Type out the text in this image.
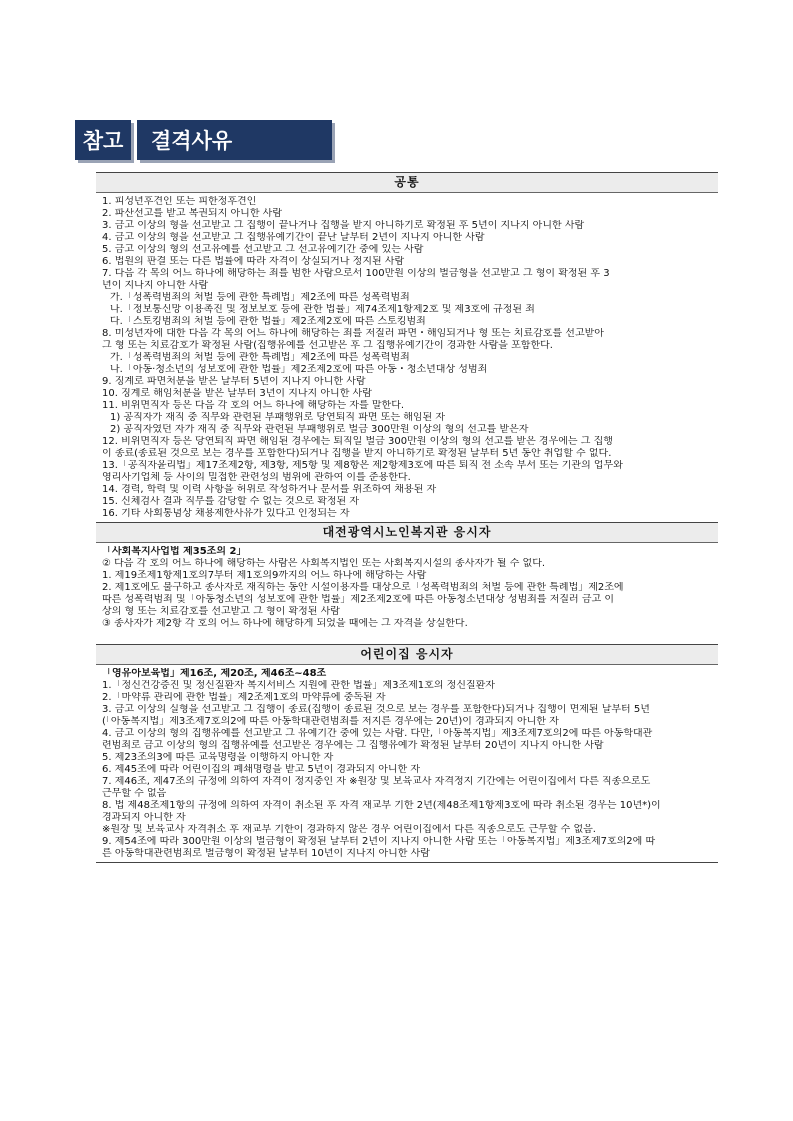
참고	결격사유
공통
1. 피성년후견인 또는 피한정후견인
2. 파산선고를 받고 복권되지 아니한 사람
3. 금고 이상의 형을 선고받고 그 집행이 끝나거나 집행을 받지 아니하기로 확정된 후 5년이 지나지 아니한 사람
4. 금고 이상의 형을 선고받고 그 집행유예기간이 끝난 날부터 2년이 지나지 아니한 사람
5. 금고 이상의 형의 선고유예를 선고받고 그 선고유예기간 중에 있는 사람
6. 법원의 판결 또는 다른 법률에 따라 자격이 상실되거나 정지된 사람
7. 다음 각 목의 어느 하나에 해당하는 죄를 범한 사람으로서 100만원 이상의 벌금형을 선고받고 그 형이 확정된 후 3
년이 지나지 아니한 사람
가.「성폭력범죄의 처벌 등에 관한 특례법」제2조에 따른 성폭력범죄
나.「정보통신망 이용촉진 및 정보보호 등에 관한 법률」제74조제1항제2호 및 제3호에 규정된 죄
다.「스토킹범죄의 처벌 등에 관한 법률」제2조제2호에 따른 스토킹범죄
8. 미성년자에 대한 다음 각 목의 어느 하나에 해당하는 죄를 저질러 파면・해임되거나 형 또는 치료감호를 선고받아
그 형 또는 치료감호가 확정된 사람(집행유예를 선고받은 후 그 집행유예기간이 경과한 사람을 포함한다.
가.「성폭력범죄의 처벌 등에 관한 특례법」제2조에 따른 성폭력범죄
나.「아동·청소년의 성보호에 관한 법률」제2조제2호에 따른 아동・청소년대상 성범죄
9. 징계로 파면처분을 받은 날부터 5년이 지나지 아니한 사람
10. 징계로 해임처분을 받은 날부터 3년이 지나지 아니한 사람
11. 비위면직자 등은 다음 각 호의 어느 하나에 해당하는 자를 말한다.
1) 공직자가 재직 중 직무와 관련된 부패행위로 당연퇴직 파면 또는 해임된 자
2) 공직자였던 자가 재직 중 직무와 관련된 부패행위로 벌금 300만원 이상의 형의 선고를 받은자
12. 비위면직자 등은 당연퇴직 파면 해임된 경우에는 퇴직일 벌금 300만원 이상의 형의 선고를 받은 경우에는 그 집행
이 종료(종료된 것으로 보는 경우를 포함한다)되거나 집행을 받지 아니하기로 확정된 날부터 5년 동안 취업할 수 없다.
13.「공직자윤리법」제17조제2항, 제3항, 제5항 및 제8항은 제2항제3호에 따른 퇴직 전 소속 부서 또는 기관의 업무와
영리사기업체 등 사이의 밀접한 관련성의 범위에 관하여 이를 준용한다.
14. 경력, 학력 및 이력 사항을 허위로 작성하거나 문서를 위조하여 채용된 자
15. 신체검사 결과 직무를 감당할 수 없는 것으로 확정된 자
16. 기타 사회통념상 채용제한사유가 있다고 인정되는 자
대전광역시노인복지관 응시자
「사회복지사업법 제35조의 2」
② 다음 각 호의 어느 하나에 해당하는 사람은 사회복지법인 또는 사회복지시설의 종사자가 될 수 없다.
1. 제19조제1항제1호의7부터 제1호의9까지의 어느 하나에 해당하는 사람
2. 제1호에도 불구하고 종사자로 재직하는 동안 시설이용자를 대상으로「성폭력범죄의 처벌 등에 관한 특례법」제2조에
따른 성폭력범죄 및「아동청소년의 성보호에 관한 법률」제2조제2호에 따른 아동청소년대상 성범죄를 저질러 금고 이
상의 형 또는 치료감호를 선고받고 그 형이 확정된 사람
③ 종사자가 제2항 각 호의 어느 하나에 해당하게 되었을 때에는 그 자격을 상실한다.
어린이집 응시자
「영유아보육법」제16조, 제20조, 제46조~48조
1.「정신건강증진 및 정신질환자 복지서비스 지원에 관한 법률」제3조제1호의 정신질환자
2.「마약류 관리에 관한 법률」제2조제1호의 마약류에 중독된 자
3. 금고 이상의 실형을 선고받고 그 집행이 종료(집행이 종료된 것으로 보는 경우를 포함한다)되거나 집행이 면제된 날부터 5년
(「아동복지법」제3조제7호의2에 따른 아동학대관련범죄를 저지른 경우에는 20년)이 경과되지 아니한 자
4. 금고 이상의 형의 집행유예를 선고받고 그 유예기간 중에 있는 사람. 다만,「아동복지법」제3조제7호의2에 따른 아동학대관
련범죄로 금고 이상의 형의 집행유예를 선고받은 경우에는 그 집행유예가 확정된 날부터 20년이 지나지 아니한 사람
5. 제23조의3에 따른 교육명령을 이행하지 아니한 자
6. 제45조에 따라 어린이집의 폐쇄명령을 받고 5년이 경과되지 아니한 자
7. 제46조, 제47조의 규정에 의하여 자격이 정지중인 자 ※원장 및 보육교사 자격정지 기간에는 어린이집에서 다른 직종으로도
근무할 수 없음
8. 법 제48조제1항의 규정에 의하여 자격이 취소된 후 자격 재교부 기한 2년(제48조제1항제3호에 따라 취소된 경우는 10년*)이
경과되지 아니한 자
※원장 및 보육교사 자격취소 후 재교부 기한이 경과하지 않은 경우 어린이집에서 다른 직종으로도 근무할 수 없음.
9. 제54조에 따라 300만원 이상의 벌금형이 확정된 날부터 2년이 지나지 아니한 사람 또는「아동복지법」제3조제7호의2에 따
른 아동학대관련범죄로 벌금형이 확정된 날부터 10년이 지나지 아니한 사람
